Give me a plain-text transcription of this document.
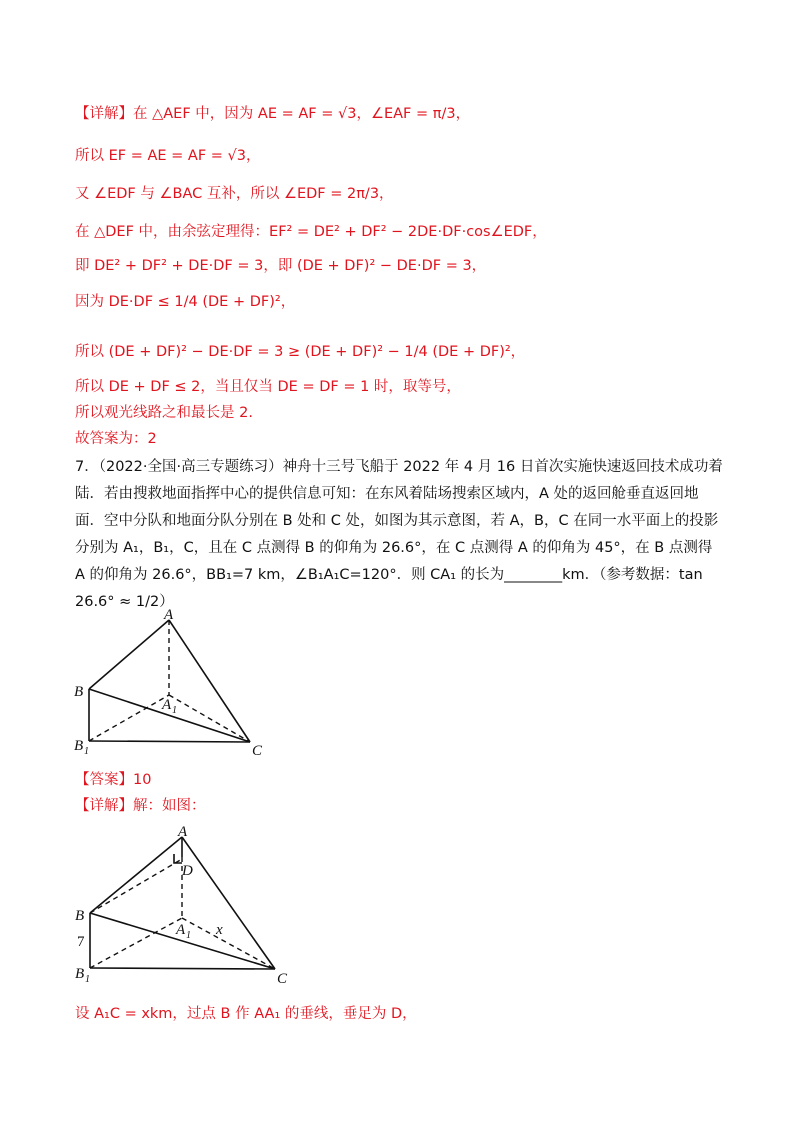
【详解】在 △AEF 中，因为 AE = AF = √3，∠EAF = π/3，
所以 EF = AE = AF = √3，
又 ∠EDF 与 ∠BAC 互补，所以 ∠EDF = 2π/3，
在 △DEF 中，由余弦定理得：EF² = DE² + DF² − 2DE·DF·cos∠EDF，
即 DE² + DF² + DE·DF = 3，即 (DE + DF)² − DE·DF = 3，
因为 DE·DF ≤ 1/4 (DE + DF)²，
所以 (DE + DF)² − DE·DF = 3 ≥ (DE + DF)² − 1/4 (DE + DF)²，
所以 DE + DF ≤ 2，当且仅当 DE = DF = 1 时，取等号，
所以观光线路之和最长是 2.
故答案为：2
7．（2022·全国·高三专题练习）神舟十三号飞船于 2022 年 4 月 16 日首次实施快速返回技术成功着陆．若由搜救地面指挥中心的提供信息可知：在东风着陆场搜索区域内，A 处的返回舱垂直返回地面．空中分队和地面分队分别在 B 处和 C 处，如图为其示意图，若 A，B，C 在同一水平面上的投影分别为 A₁，B₁，C，且在 C 点测得 B 的仰角为 26.6°，在 C 点测得 A 的仰角为 45°，在 B 点测得 A 的仰角为 26.6°，BB₁=7 km，∠B₁A₁C=120°．则 CA₁ 的长为________km．（参考数据：tan 26.6° ≈ 1/2）
A
B
A 1
B 1	C
【答案】10
【详解】解：如图：
A
D
B
A 1 x
7
B 1	C
设 A₁C = xkm，过点 B 作 AA₁ 的垂线，垂足为 D，
